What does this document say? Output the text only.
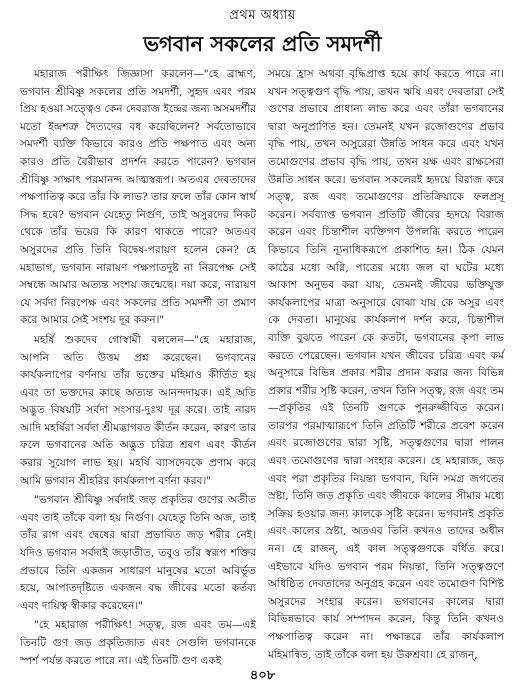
প্রথম অধ্যায়
ভগবান সকলের প্রতি সমদর্শী

মহারাজ পরীক্ষিৎ জিজ্ঞাসা করলেন—"হে ব্রাহ্মণ, ভগবান শ্রীবিষ্ণু সকলের প্রতি সমদর্শী, সুহৃদ এবং পরম প্রিয় হওয়া সত্ত্বেও কেন দেবরাজ ইন্দ্রের জন্য অসমদর্শীর মতো ইন্দ্রশত্রু দৈত্যদের বধ করেছিলেন? সর্বতোভাবে সমদর্শী ব্যক্তি কিভাবে কারও প্রতি পক্ষপাত এবং অন্য কারও প্রতি বৈরীভাব প্রদর্শন করতে পারেন? ভগবান শ্রীবিষ্ণু সাক্ষাৎ পরমানন্দ আত্মস্বরূপ। অতএব দেবতাদের পক্ষপাতিত্ব করে তাঁর কি লাভ? তার ফলে তাঁর কোন স্বার্থ সিদ্ধ হবে? ভগবান যেহেতু নির্গুণ, তাই অসুরদের নিকট থেকে তাঁর ভয়ের কি কারণ থাকতে পারে? অতএব অসুরদের প্রতি তিনি বিদ্বেষ-পরায়ণ হলেন কেন? হে মহাভাগ, ভগবান নারায়ণ পক্ষপাতদুষ্ট না নিরপেক্ষ সেই সম্বন্ধে আমার অত্যন্ত সংশয় জন্মেছে। দয়া করে, নারায়ণ যে সর্বদা নিরপেক্ষ এবং সকলের প্রতি সমদর্শী তা প্রমাণ করে আমার সেই সংশয় দূর করুন।"

মহর্ষি শুকদেব গোস্বামী বললেন—"হে মহারাজ, আপনি অতি উত্তম প্রশ্ন করেছেন। ভগবানের কার্যকলাপের বর্ণনায় তাঁর ভক্তের মহিমাও কীর্তিত হয় এবং তা ভক্তদের কাছে অত্যন্ত আনন্দদায়ক। এই অতি অদ্ভুত বিষয়টি সর্বদা সংসার-দুঃখ দূর করে। তাই নারদ আদি মহর্ষিরা সর্বদা শ্রীমদ্ভাগবত কীর্তন করেন, কারণ তার ফলে ভগবানের অতি অদ্ভুত চরিত্র শ্রবণ এবং কীর্তন করার সুযোগ লাভ হয়। মহর্ষি ব্যাসদেবকে প্রণাম করে আমি ভগবান শ্রীহরির কার্যকলাপ বর্ণনা করব।"

"ভগবান শ্রীবিষ্ণু সর্বদাই জড় প্রকৃতির গুণের অতীত এবং তাই তাঁকে বলা হয় নির্গুণ। যেহেতু তিনি অজ, তাই তাঁর রাগ এবং দ্বেষের দ্বারা প্রভাবিত জড় শরীর নেই। যদিও ভগবান সর্বদাই জড়াতীত, তবুও তাঁর স্বরূপ শক্তির প্রভাবে তিনি একজন সাধারণ মানুষের মতো অবির্ভূত হয়ে, আপাতদৃষ্টিতে একজন বদ্ধ জীবের মতো কর্তব্য এবং দায়িত্ব স্বীকার করেছেন।"

"হে মহারাজ পরীক্ষিৎ! সত্ত্ব, রজ এবং তম—এই তিনটি গুণ জড় প্রকৃতিজাত এবং সেগুলি ভগবানকে স্পর্শ পর্যন্ত করতে পারে না। এই তিনটি গুণ একই

সময়ে হ্রাস অথবা বৃদ্ধিপ্রাপ্ত হয়ে কার্য করতে পারে না। যখন সত্ত্বগুণ বৃদ্ধি পায়, তখন ঋষি এবং দেবতারা সেই গুণের প্রভাবে প্রাধান্য লাভ করে এবং তাঁরা ভগবানের দ্বারা অনুপ্রাণিত হন। তেমনই যখন রজোগুণের প্রভাব বৃদ্ধি পায়, তখন অসুরেরা উন্নতি সাধন করে এবং যখন তমোগুণের প্রভাব বৃদ্ধি পায়, তখন যক্ষ এবং রাক্ষসেরা উন্নতি সাধন করে। ভগবান সকলেরই হৃদয়ে বিরাজ করে সত্ত্ব, রজ এবং তমোগুণের প্রতিক্রিয়াকে ফলপ্রসূ করেন। সর্বব্যাপ্ত ভগবান প্রতিটি জীবের হৃদয়ে বিরাজ করেন এবং চিন্তাশীল ব্যক্তিগণ উপলব্ধি করতে পারেন কিভাবে তিনি ন্যূনাধিকরূপে প্রকাশিত হন। ঠিক যেমন কাঠের মধ্যে অগ্নি, পাত্রের মধ্যে জল বা ঘটের মধ্যে আকাশ অনুভব করা যায়, তেমনই জীবের ভক্তিযুক্ত কার্যকলাপের মাত্রা অনুসারে বোঝা যায় কে অসুর এবং কে দেবতা। মানুষের কার্যকলাপ দর্শন করে, চিন্তাশীল ব্যক্তি বুঝতে পারেন কে কতটা, ভগবানের কৃপা লাভ করতে পেরেছেন। ভগবান যখন জীবের চরিত্র এবং কর্ম অনুসারে বিভিন্ন প্রকার শরীর প্রদান করার জন্য বিভিন্ন প্রকার শরীর সৃষ্টি করেন, তখন তিনি সত্ত্ব, রজ এবং তম—প্রকৃতির এই তিনটি গুণকে পুনরুজ্জীবিত করেন। তারপর পরমাত্মারূপে তিনি প্রতিটি শরীরে প্রবেশ করেন এবং রজোগুণের দ্বারা সৃষ্টি, সত্ত্বগুণের দ্বারা পালন এবং তমোগুণের দ্বারা সংহার করেন। হে মহারাজ, জড় এবং পরা প্রকৃতির নিয়ন্তা ভগবান, যিনি সমগ্র জগতের স্রষ্টা, তিনি জড় প্রকৃতি এবং জীবকে কালের সীমার মধ্যে সক্রিয় হওয়ার জন্য কালকে সৃষ্টি করেন। ভগবানই প্রকৃতি এবং কালের স্রষ্টা, অতএব তিনি কখনও তাদের অধীন নন। হে রাজন্, এই কাল সত্ত্বগুণকে বর্ধিত করে। এইভাবে যদিও ভগবান পরম নিয়ন্তা, তিনি সত্ত্বগুণে অধিষ্ঠিত দেবতাদের অনুগ্রহ করেন এবং তমোগুণ বিশিষ্ট অসুরদের সংহার করেন। ভগবানের কালের দ্বারা বিভিন্নভাবে কার্য সম্পাদন করেন, কিন্তু তিনি কখনও পক্ষপাতিত্ব করেন না। পক্ষান্তরে তাঁর কার্যকলাপ মহিমান্বিত, তাই তাঁকে বলা হয় উরুশ্রবা। হে রাজন্,

৪০৮
